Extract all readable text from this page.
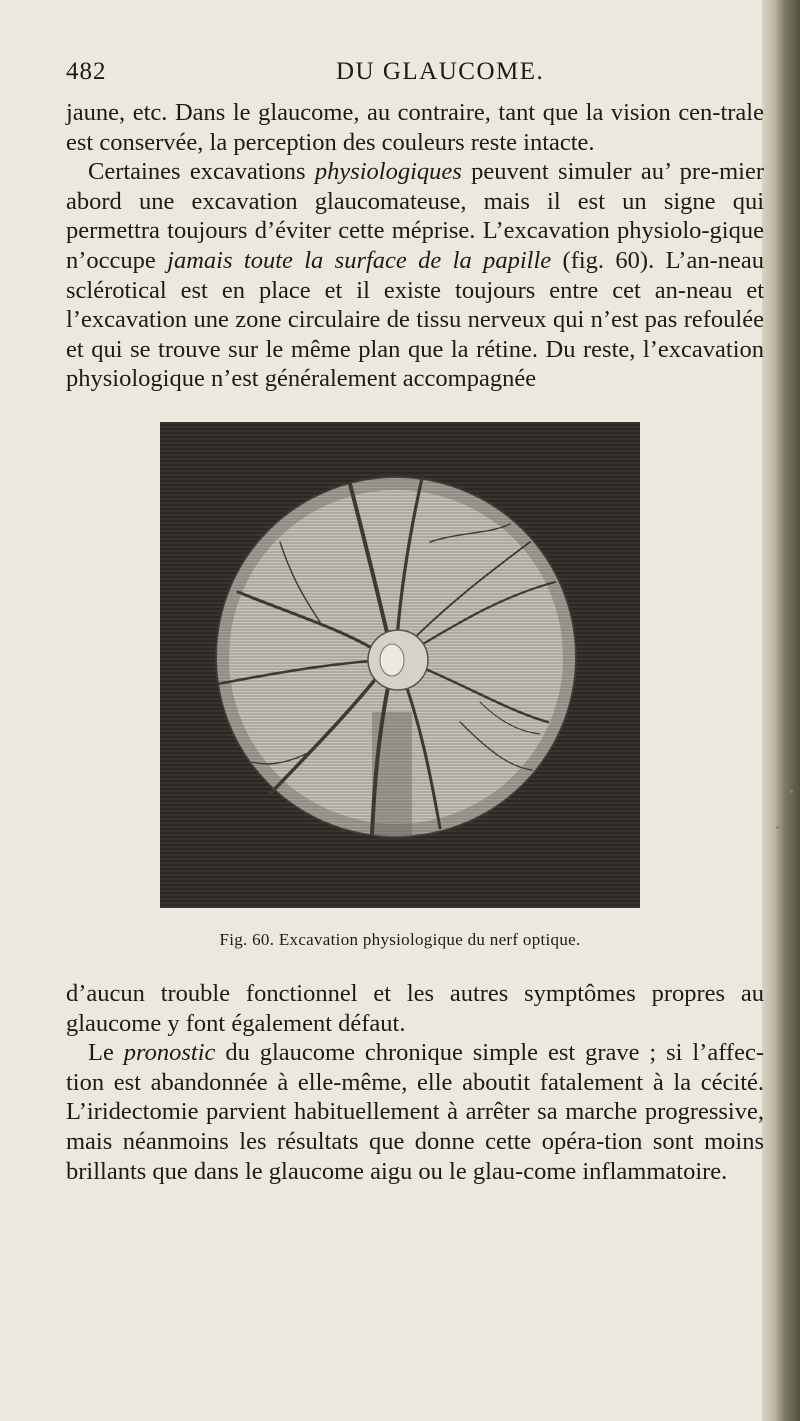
482	DU GLAUCOME.

jaune, etc. Dans le glaucome, au contraire, tant que la vision cen-trale est conservée, la perception des couleurs reste intacte.

Certaines excavations physiologiques peuvent simuler au’ pre-mier abord une excavation glaucomateuse, mais il est un signe qui permettra toujours d’éviter cette méprise. L’excavation physiolo-gique n’occupe jamais toute la surface de la papille (fig. 60). L’an-neau sclérotical est en place et il existe toujours entre cet an-neau et l’excavation une zone circulaire de tissu nerveux qui n’est pas refoulée et qui se trouve sur le même plan que la rétine. Du reste, l’excavation physiologique n’est généralement accompagnée

Fig. 60. Excavation physiologique du nerf optique.

d’aucun trouble fonctionnel et les autres symptômes propres au glaucome y font également défaut.

Le pronostic du glaucome chronique simple est grave ; si l’affec-tion est abandonnée à elle-même, elle aboutit fatalement à la cécité. L’iridectomie parvient habituellement à arrêter sa marche progressive, mais néanmoins les résultats que donne cette opéra-tion sont moins brillants que dans le glaucome aigu ou le glau-come inflammatoire.
